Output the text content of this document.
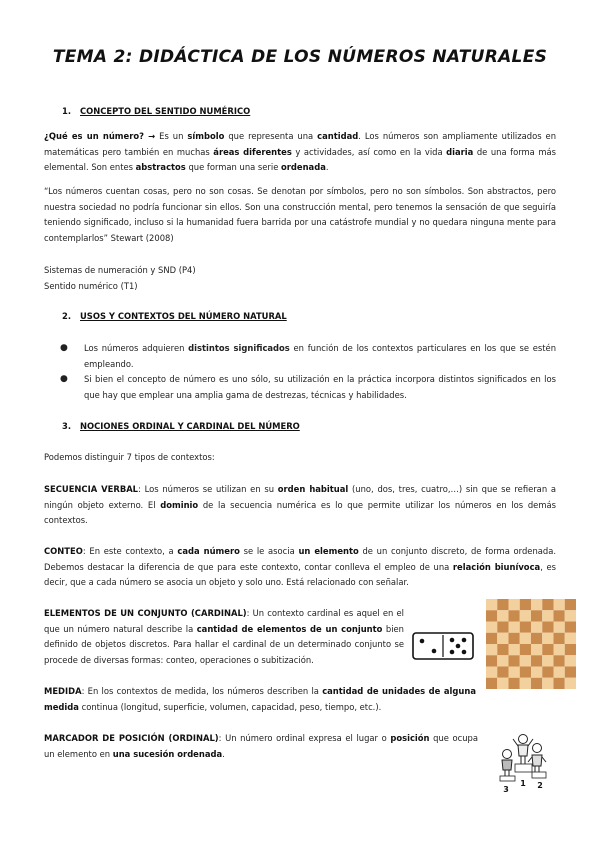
TEMA 2: DIDÁCTICA DE LOS NÚMEROS NATURALES
1. CONCEPTO DEL SENTIDO NUMÉRICO

¿Qué es un número? → Es un símbolo que representa una cantidad. Los números son ampliamente utilizados en matemáticas pero también en muchas áreas diferentes y actividades, así como en la vida diaria de una forma más elemental. Son entes abstractos que forman una serie ordenada.

“Los números cuentan cosas, pero no son cosas. Se denotan por símbolos, pero no son símbolos. Son abstractos, pero nuestra sociedad no podría funcionar sin ellos. Son una construcción mental, pero tenemos la sensación de que seguiría teniendo significado, incluso si la humanidad fuera barrida por una catástrofe mundial y no quedara ninguna mente para contemplarlos” Stewart (2008)

Sistemas de numeración y SND (P4)

Sentido numérico (T1)

2. USOS Y CONTEXTOS DEL NÚMERO NATURAL
● Los números adquieren distintos significados en función de los contextos particulares en los que se estén empleando.
● Si bien el concepto de número es uno sólo, su utilización en la práctica incorpora distintos significados en los que hay que emplear una amplia gama de destrezas, técnicas y habilidades.
3. NOCIONES ORDINAL Y CARDINAL DEL NÚMERO

Podemos distinguir 7 tipos de contextos:

SECUENCIA VERBAL: Los números se utilizan en su orden habitual (uno, dos, tres, cuatro,…) sin que se refieran a ningún objeto externo. El dominio de la secuencia numérica es lo que permite utilizar los números en los demás contextos.

CONTEO: En este contexto, a cada número se le asocia un elemento de un conjunto discreto, de forma ordenada. Debemos destacar la diferencia de que para este contexto, contar conlleva el empleo de una relación biunívoca, es decir, que a cada número se asocia un objeto y solo uno. Está relacionado con señalar.

ELEMENTOS DE UN CONJUNTO (CARDINAL): Un contexto cardinal es aquel en el que un número natural describe la cantidad de elementos de un conjunto bien definido de objetos discretos. Para hallar el cardinal de un determinado conjunto se procede de diversas formas: conteo, operaciones o subitización.

MEDIDA: En los contextos de medida, los números describen la cantidad de unidades de alguna medida continua (longitud, superficie, volumen, capacidad, peso, tiempo, etc.).

MARCADOR DE POSICIÓN (ORDINAL): Un número ordinal expresa el lugar o posición que ocupa un elemento en una sucesión ordenada.

1 2
3
